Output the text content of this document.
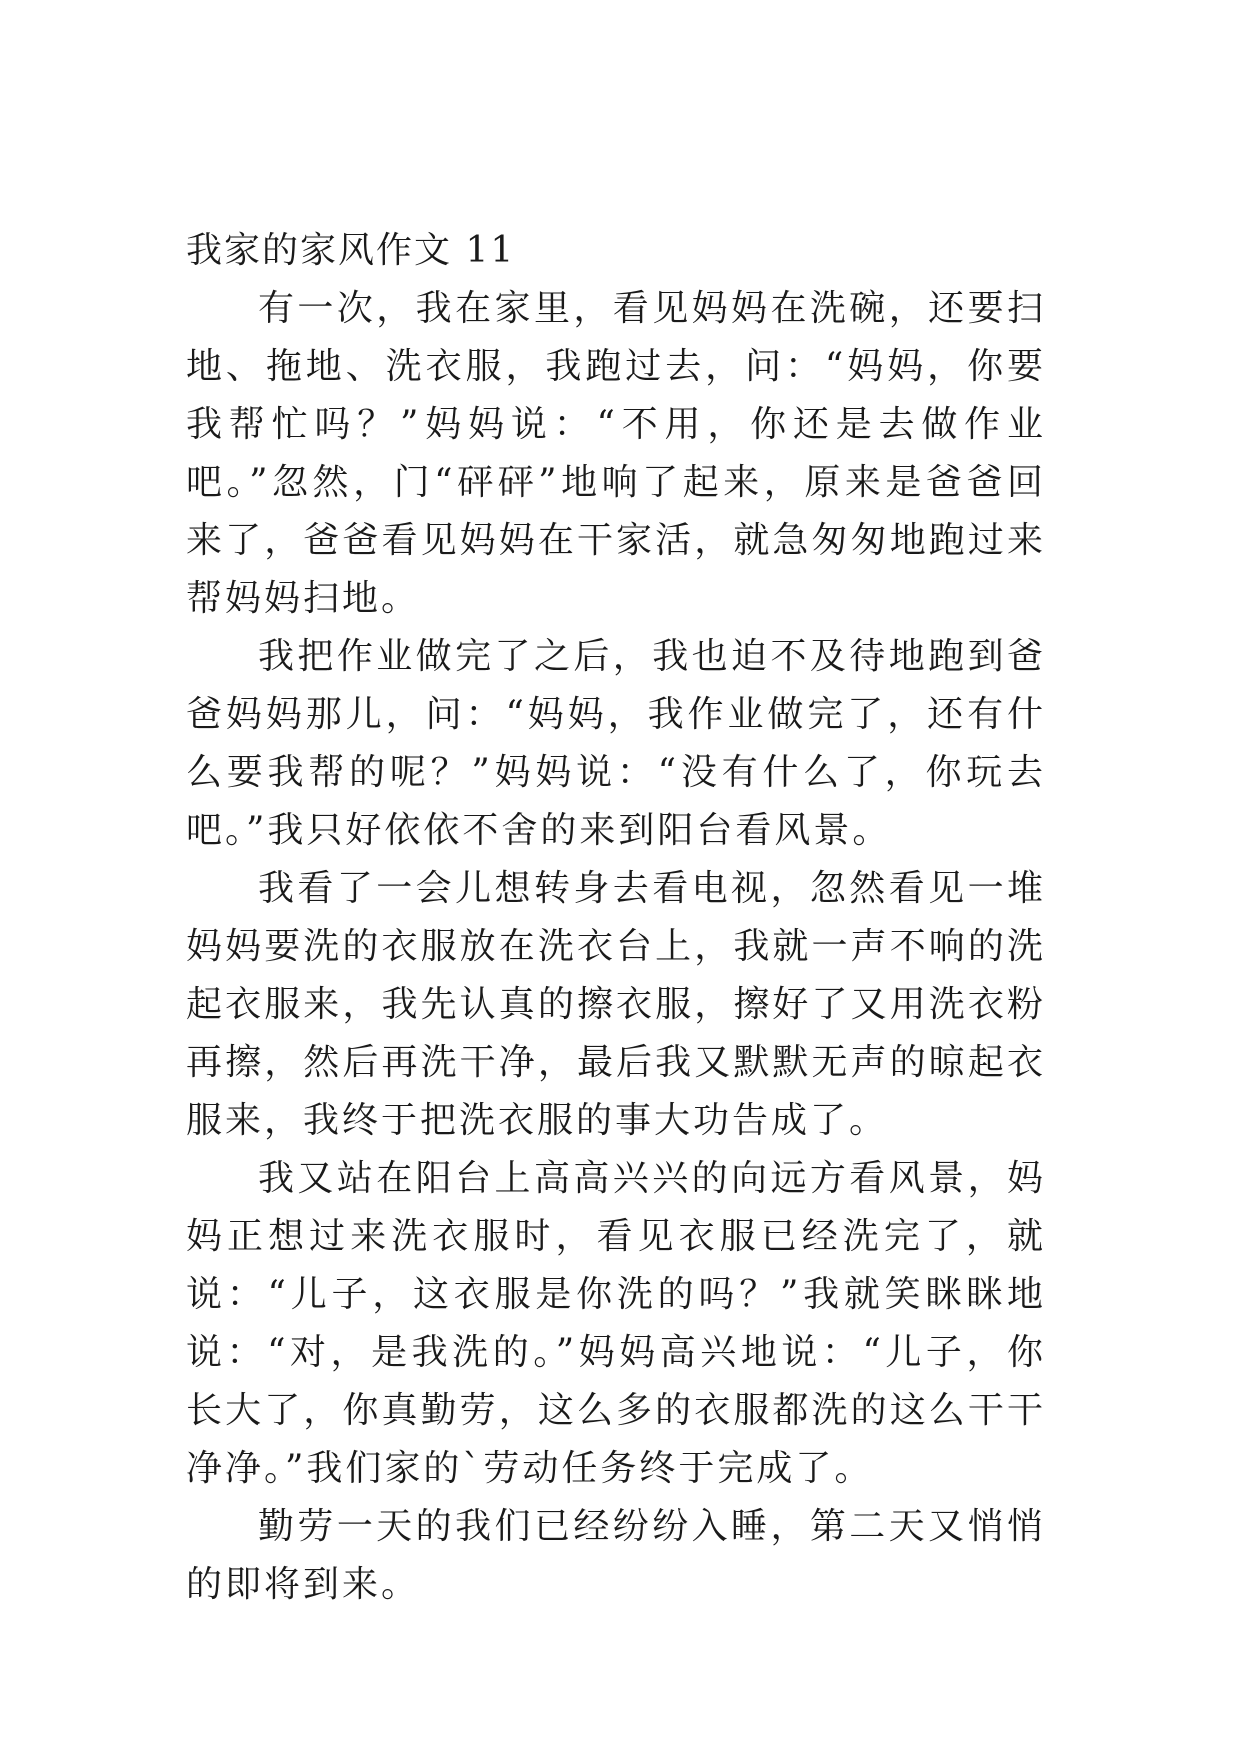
我家的家风作文 11

有一次，我在家里，看见妈妈在洗碗，还要扫地、拖地、洗衣服，我跑过去，问：“妈妈，你要我帮忙吗？”妈妈说：“不用，你还是去做作业吧。”忽然，门“砰砰”地响了起来，原来是爸爸回来了，爸爸看见妈妈在干家活，就急匆匆地跑过来帮妈妈扫地。

我把作业做完了之后，我也迫不及待地跑到爸爸妈妈那儿，问：“妈妈，我作业做完了，还有什么要我帮的呢？”妈妈说：“没有什么了，你玩去吧。”我只好依依不舍的来到阳台看风景。

我看了一会儿想转身去看电视，忽然看见一堆妈妈要洗的衣服放在洗衣台上，我就一声不响的洗起衣服来，我先认真的擦衣服，擦好了又用洗衣粉再擦，然后再洗干净，最后我又默默无声的晾起衣服来，我终于把洗衣服的事大功告成了。

我又站在阳台上高高兴兴的向远方看风景，妈妈正想过来洗衣服时，看见衣服已经洗完了，就说：“儿子，这衣服是你洗的吗？”我就笑眯眯地说：“对，是我洗的。”妈妈高兴地说：“儿子，你长大了，你真勤劳，这么多的衣服都洗的这么干干净净。”我们家的`劳动任务终于完成了。

勤劳一天的我们已经纷纷入睡，第二天又悄悄的即将到来。
